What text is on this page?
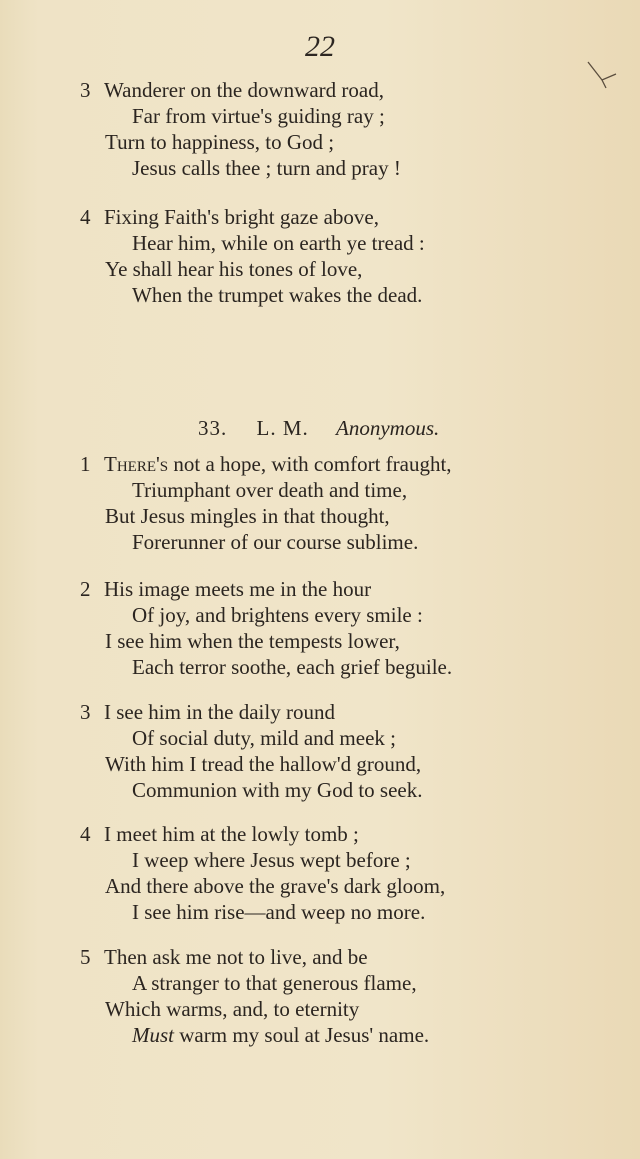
22
3 Wanderer on the downward road,
Far from virtue's guiding ray ;
Turn to happiness, to God ;
Jesus calls thee ; turn and pray !
4 Fixing Faith's bright gaze above,
Hear him, while on earth ye tread :
Ye shall hear his tones of love,
When the trumpet wakes the dead.
33. L. M. Anonymous.
1 There's not a hope, with comfort fraught,
Triumphant over death and time,
But Jesus mingles in that thought,
Forerunner of our course sublime.
2 His image meets me in the hour
Of joy, and brightens every smile :
I see him when the tempests lower,
Each terror soothe, each grief beguile.
3 I see him in the daily round
Of social duty, mild and meek ;
With him I tread the hallow'd ground,
Communion with my God to seek.
4 I meet him at the lowly tomb ;
I weep where Jesus wept before ;
And there above the grave's dark gloom,
I see him rise—and weep no more.
5 Then ask me not to live, and be
A stranger to that generous flame,
Which warms, and, to eternity
Must warm my soul at Jesus' name.
